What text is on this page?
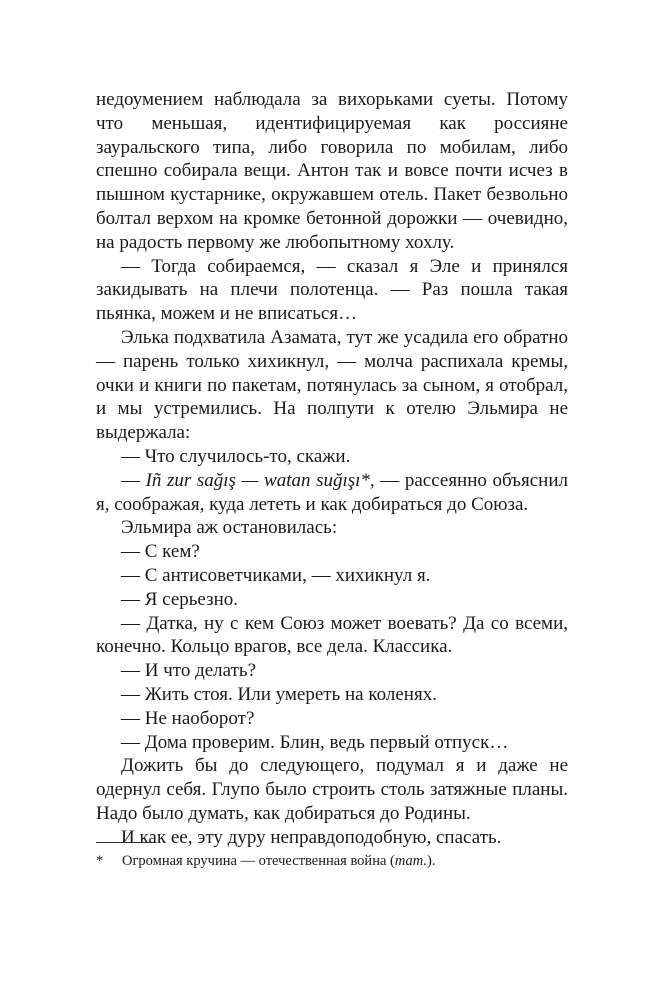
недоумением наблюдала за вихорьками суеты. Потому что меньшая, идентифицируемая как россияне зауральского типа, либо говорила по мобилам, либо спешно собирала вещи. Антон так и вовсе почти исчез в пышном кустарнике, окружавшем отель. Пакет безвольно болтал верхом на кромке бетонной дорожки — очевидно, на радость первому же любопытному хохлу.

— Тогда собираемся, — сказал я Эле и принялся закидывать на плечи полотенца. — Раз пошла такая пьянка, можем и не вписаться…

Элька подхватила Азамата, тут же усадила его обратно — парень только хихикнул, — молча распихала кремы, очки и книги по пакетам, потянулась за сыном, я отобрал, и мы устремились. На полпути к отелю Эльмира не выдержала:

— Что случилось-то, скажи.

— Iñ zur sağış — watan suğışı*, — рассеянно объяснил я, соображая, куда лететь и как добираться до Союза.

Эльмира аж остановилась:

— С кем?

— С антисоветчиками, — хихикнул я.

— Я серьезно.

— Датка, ну с кем Союз может воевать? Да со всеми, конечно. Кольцо врагов, все дела. Классика.

— И что делать?

— Жить стоя. Или умереть на коленях.

— Не наоборот?

— Дома проверим. Блин, ведь первый отпуск…

Дожить бы до следующего, подумал я и даже не одернул себя. Глупо было строить столь затяжные планы. Надо было думать, как добираться до Родины.

И как ее, эту дуру неправдоподобную, спасать.

* Огромная кручина — отечественная война (тат.).
